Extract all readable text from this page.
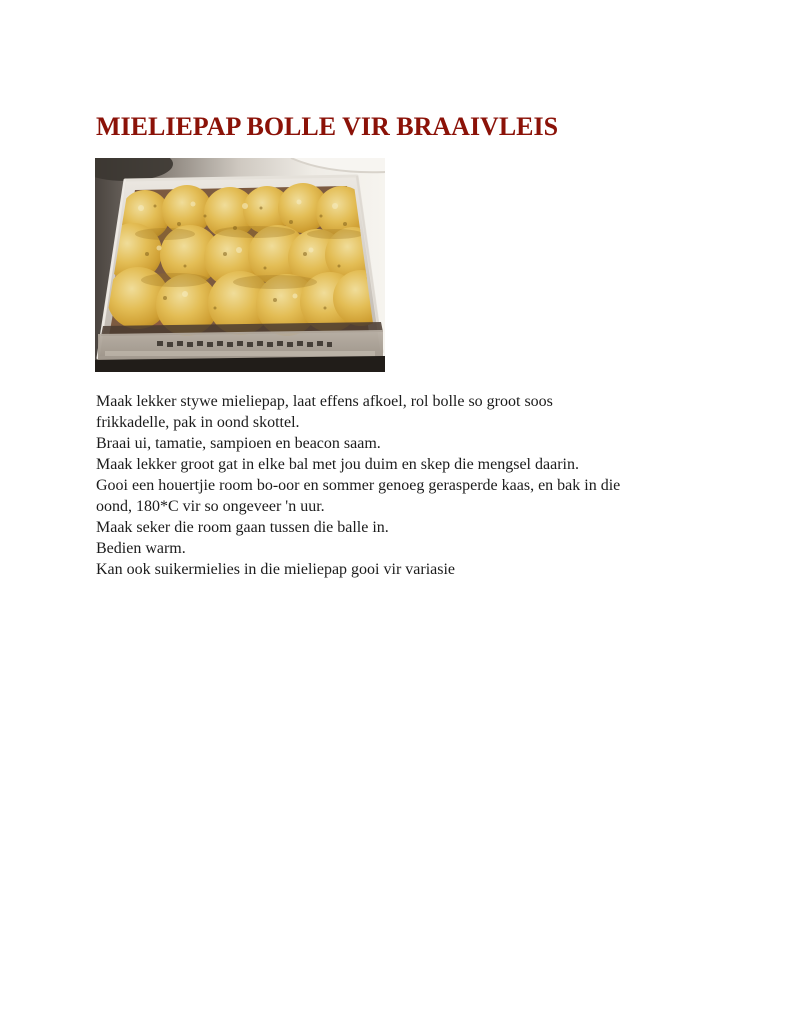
MIELIEPAP BOLLE VIR BRAAIVLEIS
Maak lekker stywe mieliepap, laat effens afkoel, rol bolle so groot soos
frikkadelle, pak in oond skottel.
Braai ui, tamatie, sampioen en beacon saam.
Maak lekker groot gat in elke bal met jou duim en skep die mengsel daarin.
Gooi een houertjie room bo-oor en sommer genoeg gerasperde kaas, en bak in die
oond, 180*C vir so ongeveer 'n uur.
Maak seker die room gaan tussen die balle in.
Bedien warm.
Kan ook suikermielies in die mieliepap gooi vir variasie
